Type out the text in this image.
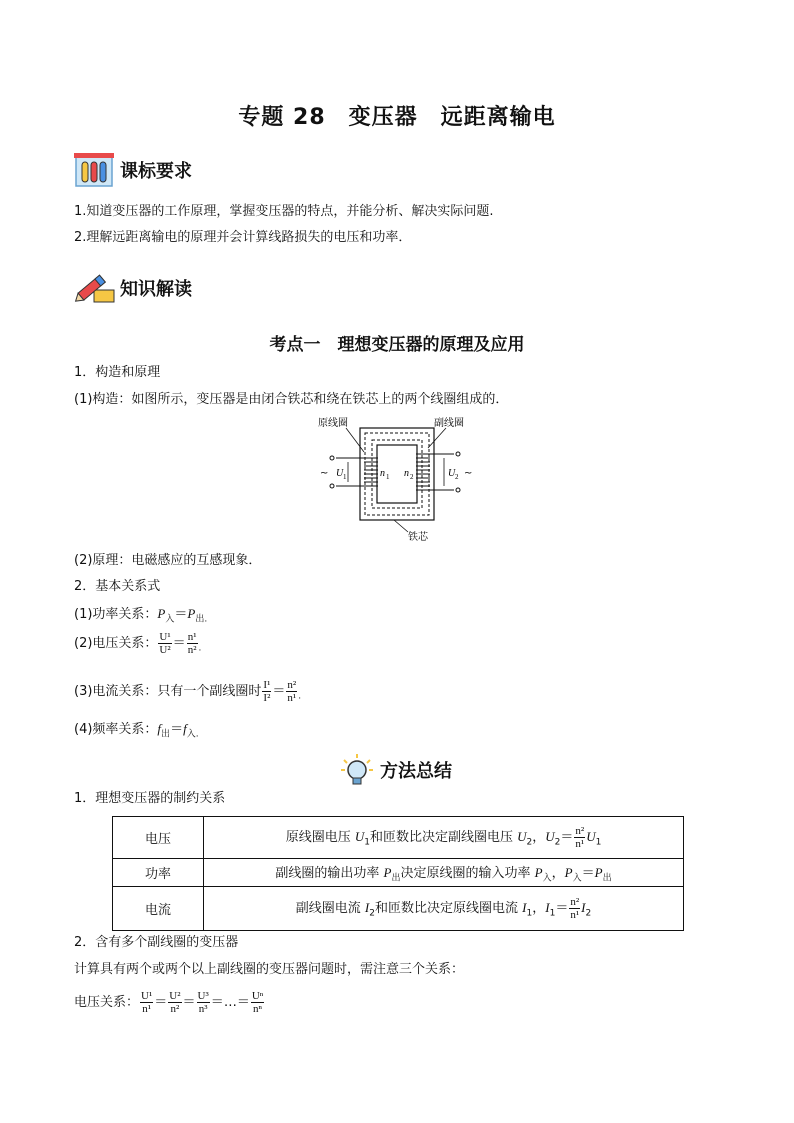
专题 28　变压器　远距离输电
课标要求
1.知道变压器的工作原理，掌握变压器的特点，并能分析、解决实际问题.
2.理解远距离输电的原理并会计算线路损失的电压和功率．
知识解读
考点一　理想变压器的原理及应用
1．构造和原理
(1)构造：如图所示，变压器是由闭合铁芯和绕在铁芯上的两个线圈组成的．
原线圈	副线圈
铁芯
~ U 1	U 2 ~
n 1 n 2
(2)原理：电磁感应的互感现象．
2．基本关系式
(1)功率关系：$P_入=P_{出.}$
(2)电压关系： $\frac{\text{U¹}}{\text{U²}} = \frac{\text{n¹}}{\text{n²}} _.$
(3)电流关系：只有一个副线圈时 $\frac{\text{I¹}}{\text{I²}} = \frac{\text{n²}}{\text{n¹}} _.$
(4)频率关系：$f_出=f_{入.}$
方法总结
1．理想变压器的制约关系
电压	原线圈电压 $U_1$和匝数比决定副线圈电压 $U_2$，$U_2= \frac{\text{n²}}{\text{n¹}} U_1$
功率	副线圈的输出功率 $P_出$决定原线圈的输入功率 $P_入$，$P_入=P_出$
电流	副线圈电流 $I_2$和匝数比决定原线圈电流 $I_1$，$I_1= \frac{\text{n²}}{\text{n¹}} I_2$
2．含有多个副线圈的变压器
计算具有两个或两个以上副线圈的变压器问题时，需注意三个关系：
电压关系： $\frac{\text{U¹}}{\text{n¹}} = \frac{\text{U²}}{\text{n²}} = \frac{\text{U³}}{\text{n³}}$ ＝…＝ $\frac{\text{Uⁿ}}{\text{nⁿ}}$
